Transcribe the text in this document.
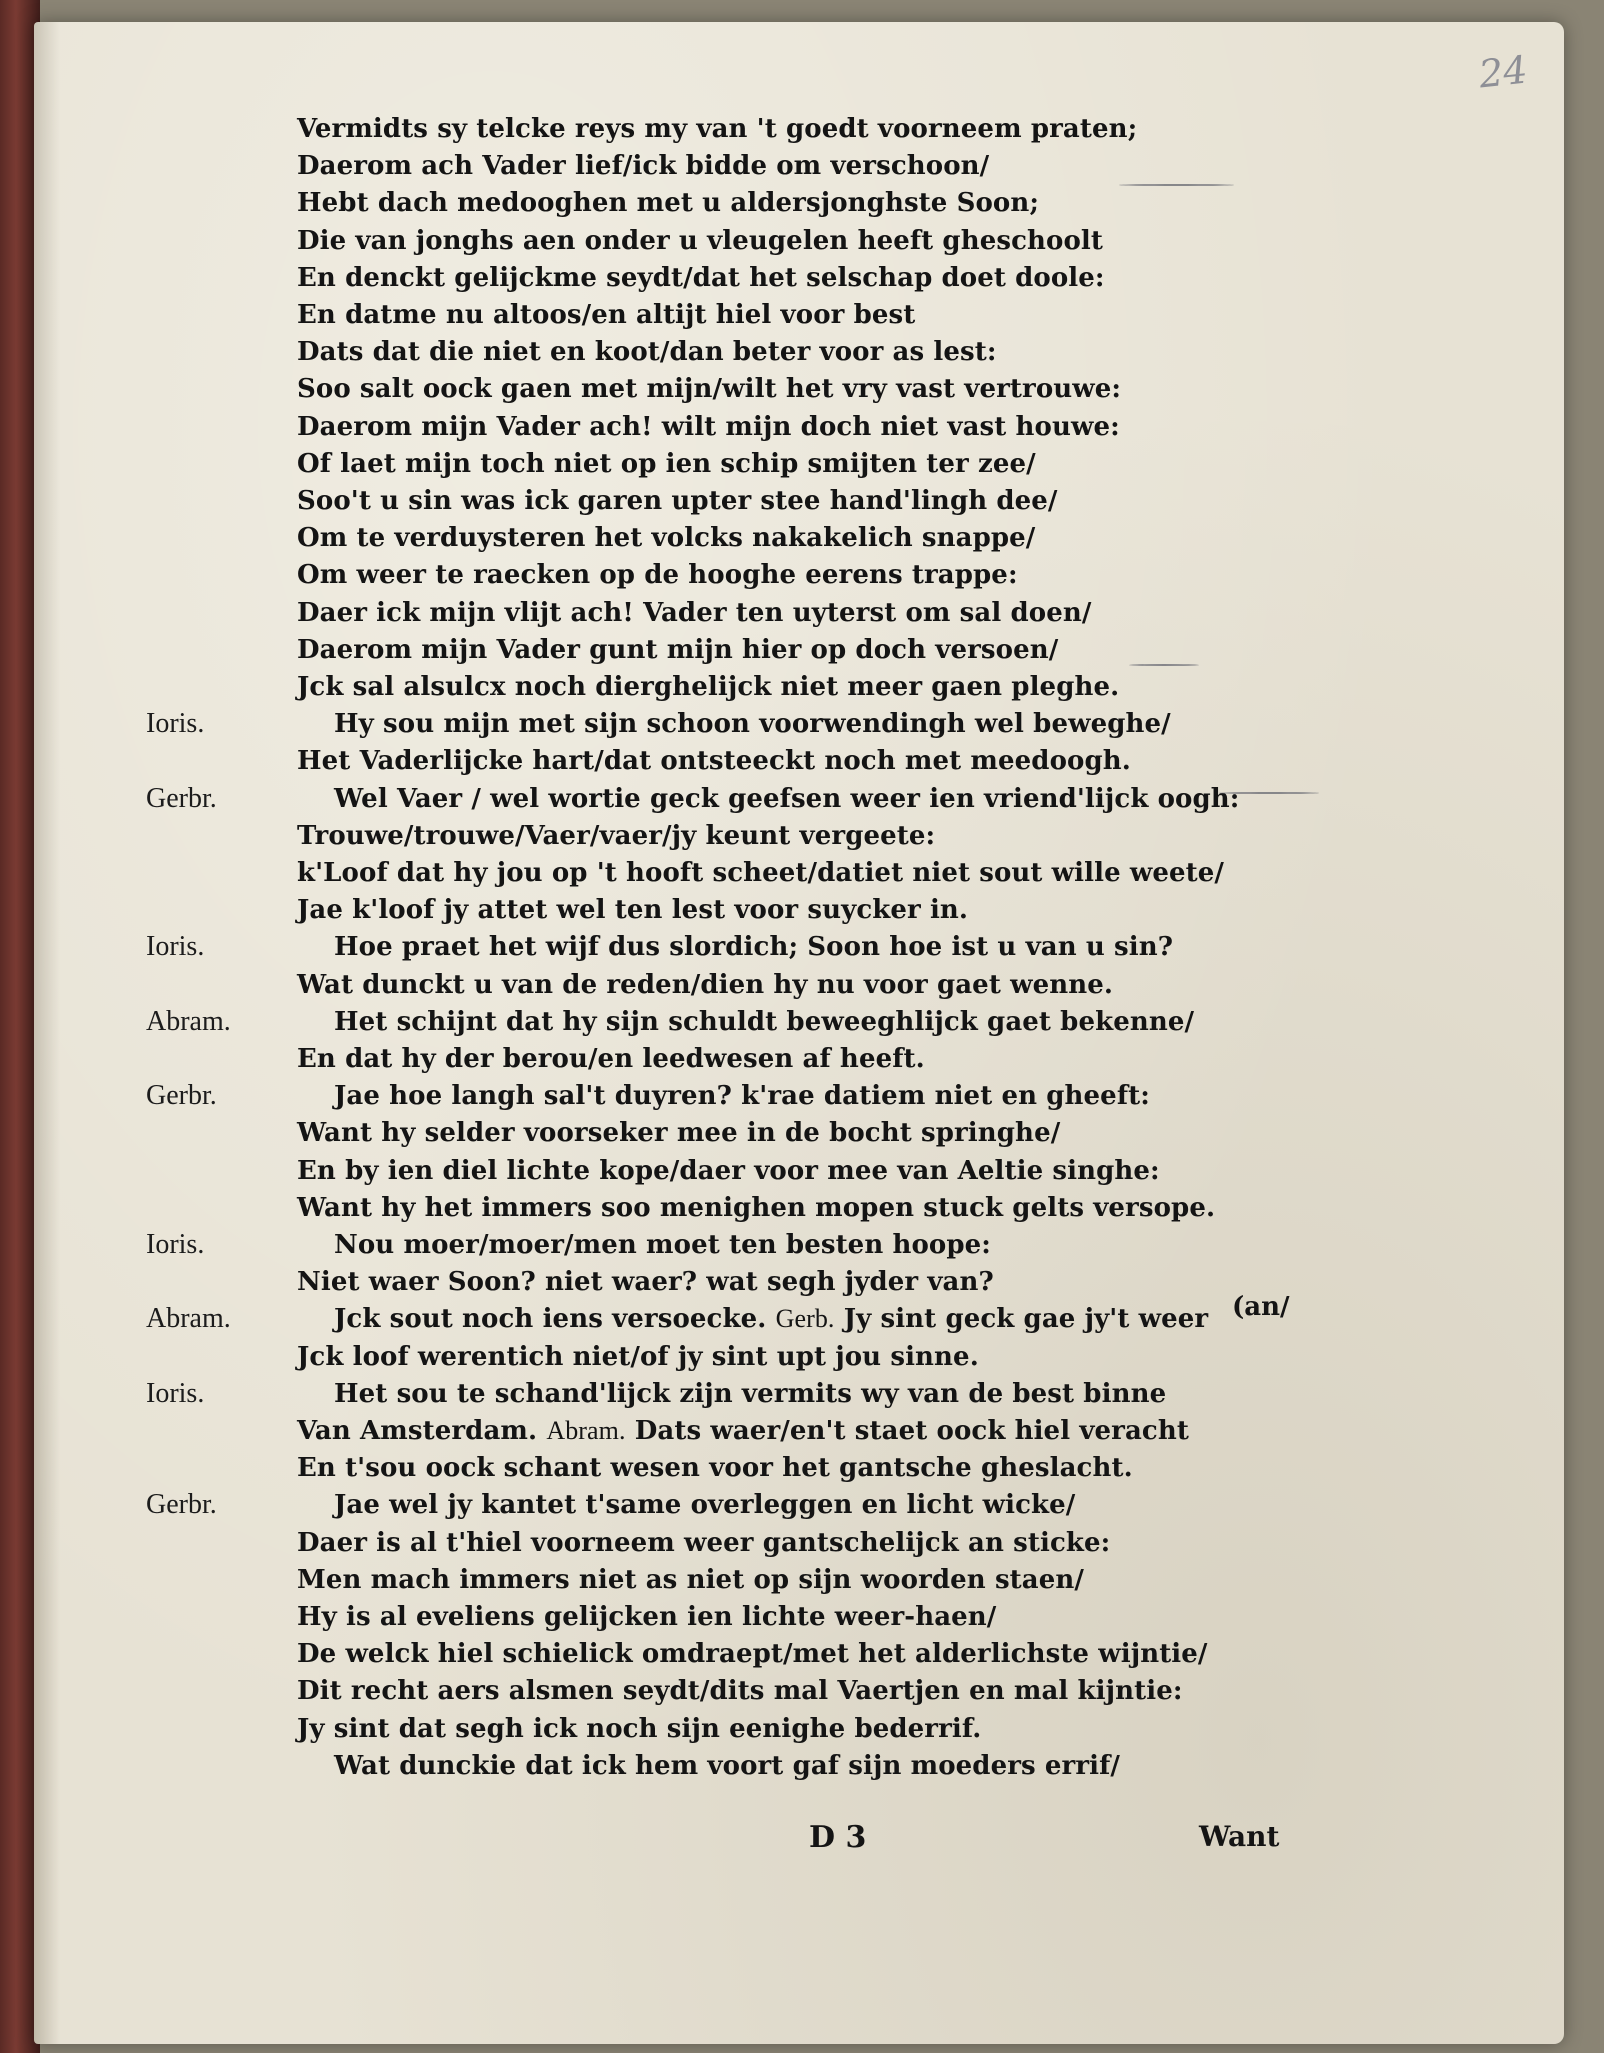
24
Vermidts sy telcke reys my van 't goedt voorneem praten;
Daerom ach Vader lief/ick bidde om verschoon/
Hebt dach medooghen met u aldersjonghste Soon;
Die van jonghs aen onder u vleugelen heeft gheschoolt
En denckt gelijckme seydt/dat het selschap doet doole:
En datme nu altoos/en altijt hiel voor best
Dats dat die niet en koot/dan beter voor as lest:
Soo salt oock gaen met mijn/wilt het vry vast vertrouwe:
Daerom mijn Vader ach! wilt mijn doch niet vast houwe:
Of laet mijn toch niet op ien schip smijten ter zee/
Soo't u sin was ick garen upter stee hand'lingh dee/
Om te verduysteren het volcks nakakelich snappe/
Om weer te raecken op de hooghe eerens trappe:
Daer ick mijn vlijt ach! Vader ten uyterst om sal doen/
Daerom mijn Vader gunt mijn hier op doch versoen/
Jck sal alsulcx noch dierghelijck niet meer gaen pleghe.
Ioris.	Hy sou mijn met sijn schoon voorwendingh wel beweghe/
Het Vaderlijcke hart/dat ontsteeckt noch met meedoogh.
Gerbr.	Wel Vaer / wel wortie geck geefsen weer ien vriend'lijck oogh:
Trouwe/trouwe/Vaer/vaer/jy keunt vergeete:
k'Loof dat hy jou op 't hooft scheet/datiet niet sout wille weete/
Jae k'loof jy attet wel ten lest voor suycker in.
Ioris.	Hoe praet het wijf dus slordich; Soon hoe ist u van u sin?
Wat dunckt u van de reden/dien hy nu voor gaet wenne.
Abram.	Het schijnt dat hy sijn schuldt beweeghlijck gaet bekenne/
En dat hy der berou/en leedwesen af heeft.
Gerbr.	Jae hoe langh sal't duyren? k'rae datiem niet en gheeft:
Want hy selder voorseker mee in de bocht springhe/
En by ien diel lichte kope/daer voor mee van Aeltie singhe:
Want hy het immers soo menighen mopen stuck gelts versope.
Ioris.	Nou moer/moer/men moet ten besten hoope:
Niet waer Soon? niet waer? wat segh jyder van?
Abram.	Jck sout noch iens versoecke. Gerb. Jy sint geck gae jy't weer
Jck loof werentich niet/of jy sint upt jou sinne.
Ioris.	Het sou te schand'lijck zijn vermits wy van de best binne
Van Amsterdam. Abram. Dats waer/en't staet oock hiel veracht
En t'sou oock schant wesen voor het gantsche gheslacht.
Gerbr.	Jae wel jy kantet t'same overleggen en licht wicke/
Daer is al t'hiel voorneem weer gantschelijck an sticke:
Men mach immers niet as niet op sijn woorden staen/
Hy is al eveliens gelijcken ien lichte weer-haen/
De welck hiel schielick omdraept/met het alderlichste wijntie/
Dit recht aers alsmen seydt/dits mal Vaertjen en mal kijntie:
Jy sint dat segh ick noch sijn eenighe bederrif.
Wat dunckie dat ick hem voort gaf sijn moeders errif/
(an/
D 3	Want
